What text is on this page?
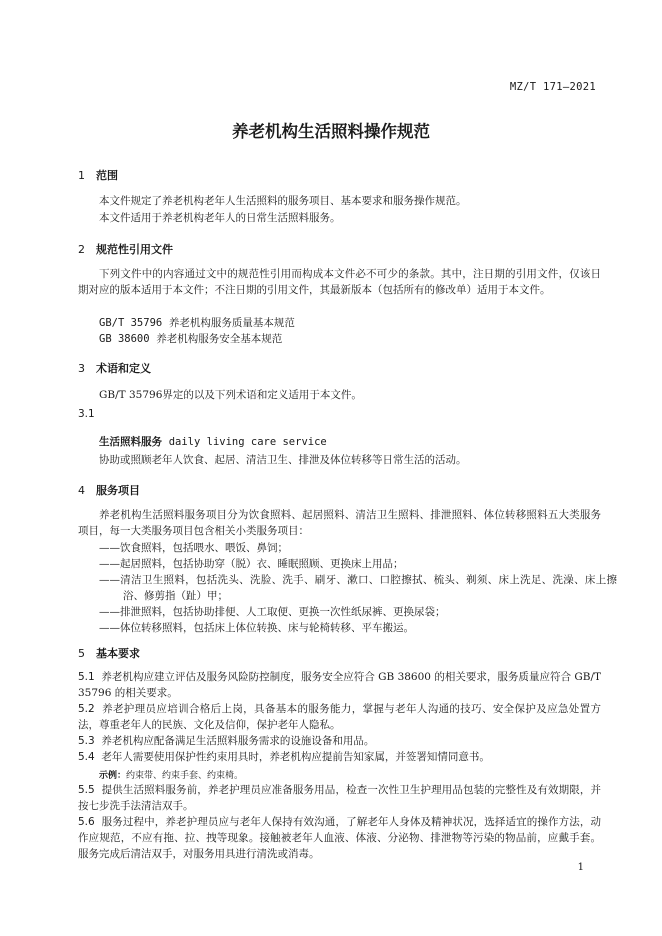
MZ/T 171—2021
养老机构生活照料操作规范
1 范围
本文件规定了养老机构老年人生活照料的服务项目、基本要求和服务操作规范。
本文件适用于养老机构老年人的日常生活照料服务。
2 规范性引用文件
下列文件中的内容通过文中的规范性引用而构成本文件必不可少的条款。其中，注日期的引用文件，仅该日期对应的版本适用于本文件；不注日期的引用文件，其最新版本（包括所有的修改单）适用于本文件。
GB/T 35796 养老机构服务质量基本规范
GB 38600 养老机构服务安全基本规范
3 术语和定义
GB/T 35796界定的以及下列术语和定义适用于本文件。
3.1
生活照料服务 daily living care service
协助或照顾老年人饮食、起居、清洁卫生、排泄及体位转移等日常生活的活动。
4 服务项目
养老机构生活照料服务项目分为饮食照料、起居照料、清洁卫生照料、排泄照料、体位转移照料五大类服务项目，每一大类服务项目包含相关小类服务项目：
——饮食照料，包括喂水、喂饭、鼻饲；
——起居照料，包括协助穿（脱）衣、睡眠照顾、更换床上用品；
——清洁卫生照料，包括洗头、洗脸、洗手、刷牙、漱口、口腔擦拭、梳头、剃须、床上洗足、洗澡、床上擦浴、修剪指（趾）甲；
——排泄照料，包括协助排便、人工取便、更换一次性纸尿裤、更换尿袋；
——体位转移照料，包括床上体位转换、床与轮椅转移、平车搬运。
5 基本要求
5.1 养老机构应建立评估及服务风险防控制度，服务安全应符合 GB 38600 的相关要求，服务质量应符合 GB/T 35796 的相关要求。
5.2 养老护理员应培训合格后上岗，具备基本的服务能力，掌握与老年人沟通的技巧、安全保护及应急处置方法，尊重老年人的民族、文化及信仰，保护老年人隐私。
5.3 养老机构应配备满足生活照料服务需求的设施设备和用品。
5.4 老年人需要使用保护性约束用具时，养老机构应提前告知家属，并签署知情同意书。
示例：约束带、约束手套、约束椅。
5.5 提供生活照料服务前，养老护理员应准备服务用品，检查一次性卫生护理用品包装的完整性及有效期限，并按七步洗手法清洁双手。
5.6 服务过程中，养老护理员应与老年人保持有效沟通，了解老年人身体及精神状况，选择适宜的操作方法，动作应规范，不应有拖、拉、拽等现象。接触被老年人血液、体液、分泌物、排泄物等污染的物品前，应戴手套。服务完成后清洁双手，对服务用具进行清洗或消毒。
1
